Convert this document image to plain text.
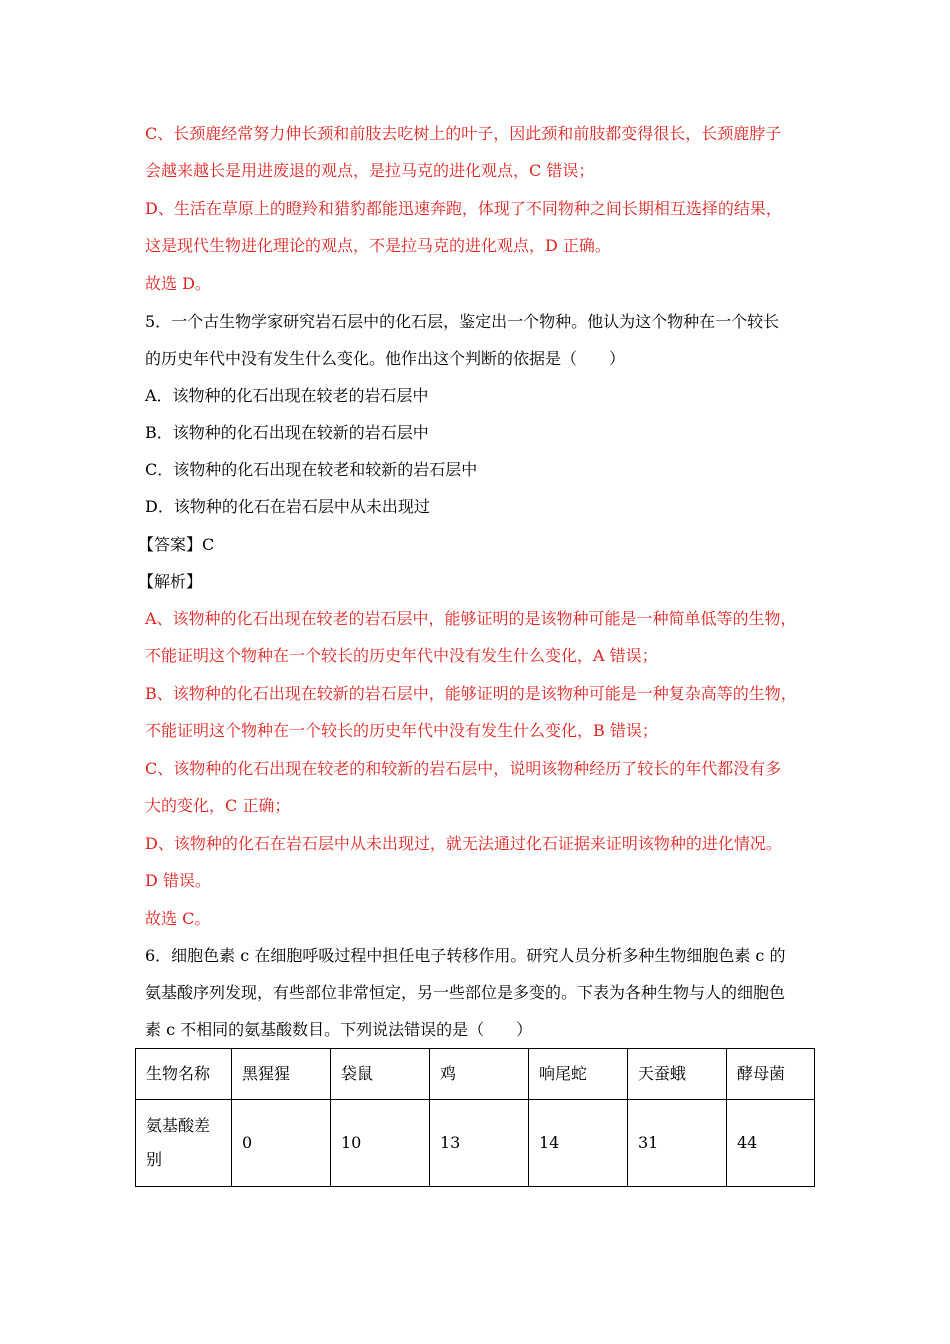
C、长颈鹿经常努力伸长颈和前肢去吃树上的叶子，因此颈和前肢都变得很长，长颈鹿脖子
会越来越长是用进废退的观点，是拉马克的进化观点，C 错误；
D、生活在草原上的瞪羚和猎豹都能迅速奔跑，体现了不同物种之间长期相互选择的结果，
这是现代生物进化理论的观点，不是拉马克的进化观点，D 正确。
故选 D。
5．一个古生物学家研究岩石层中的化石层，鉴定出一个物种。他认为这个物种在一个较长
的历史年代中没有发生什么变化。他作出这个判断的依据是（　　）
A．该物种的化石出现在较老的岩石层中
B．该物种的化石出现在较新的岩石层中
C．该物种的化石出现在较老和较新的岩石层中
D．该物种的化石在岩石层中从未出现过
【答案】C
【解析】
A、该物种的化石出现在较老的岩石层中，能够证明的是该物种可能是一种简单低等的生物，
不能证明这个物种在一个较长的历史年代中没有发生什么变化，A 错误；
B、该物种的化石出现在较新的岩石层中，能够证明的是该物种可能是一种复杂高等的生物，
不能证明这个物种在一个较长的历史年代中没有发生什么变化，B 错误；
C、该物种的化石出现在较老的和较新的岩石层中，说明该物种经历了较长的年代都没有多
大的变化，C 正确；
D、该物种的化石在岩石层中从未出现过，就无法通过化石证据来证明该物种的进化情况。
D 错误。
故选 C。
6．细胞色素 c 在细胞呼吸过程中担任电子转移作用。研究人员分析多种生物细胞色素 c 的
氨基酸序列发现，有些部位非常恒定，另一些部位是多变的。下表为各种生物与人的细胞色
素 c 不相同的氨基酸数目。下列说法错误的是（　　）
生物名称	黑猩猩	袋鼠	鸡	响尾蛇	天蚕蛾	酵母菌
氨基酸差别	0	10	13	14	31	44
